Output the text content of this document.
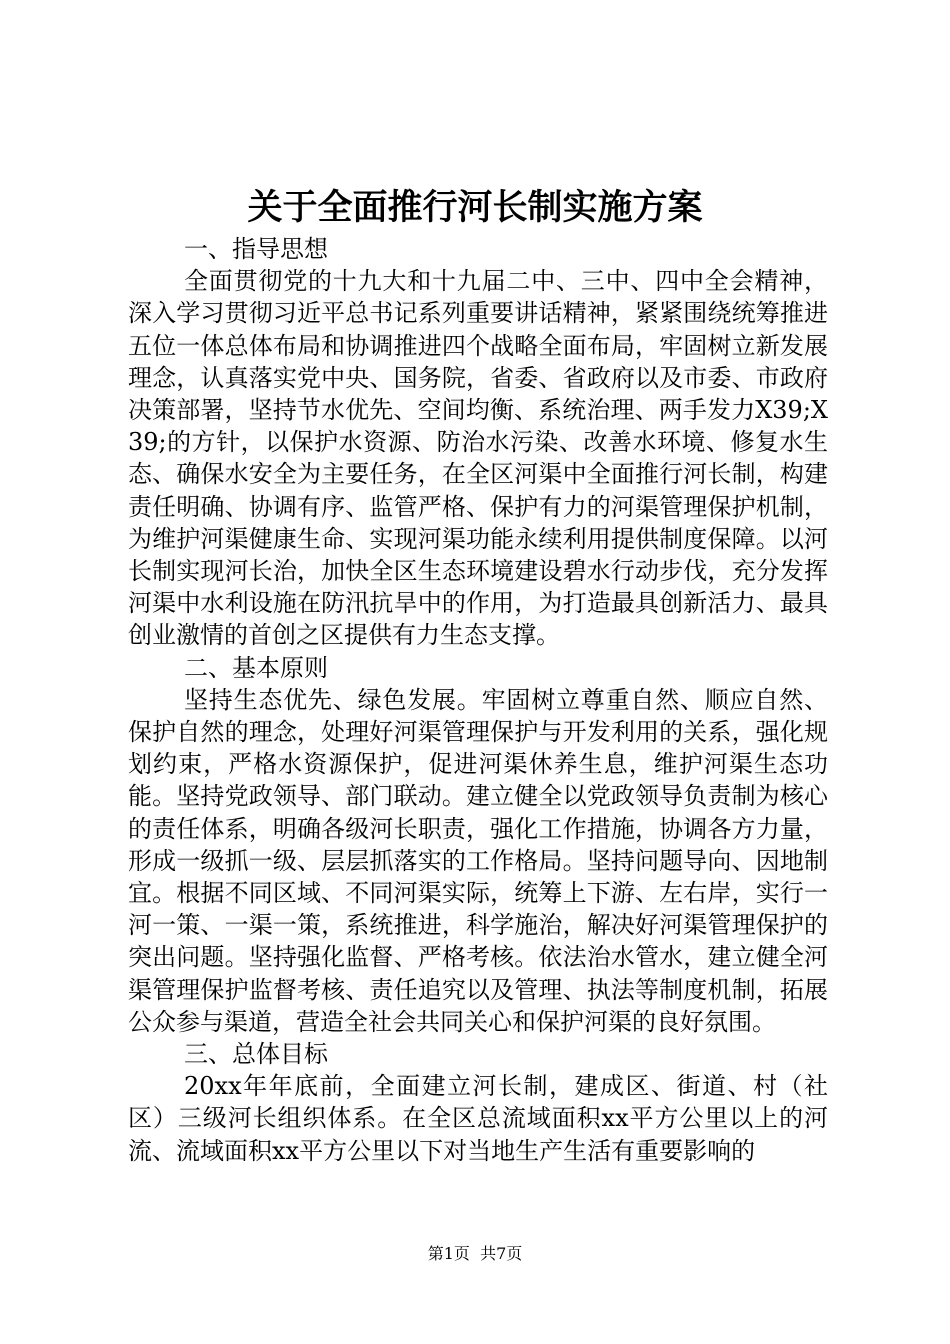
关于全面推行河长制实施方案

一、指导思想

全面贯彻党的十九大和十九届二中、三中、四中全会精神，深入学习贯彻习近平总书记系列重要讲话精神，紧紧围绕统筹推进五位一体总体布局和协调推进四个战略全面布局，牢固树立新发展理念，认真落实党中央、国务院，省委、省政府以及市委、市政府决策部署，坚持节水优先、空间均衡、系统治理、两手发力X39;X39;的方针，以保护水资源、防治水污染、改善水环境、修复水生态、确保水安全为主要任务，在全区河渠中全面推行河长制，构建责任明确、协调有序、监管严格、保护有力的河渠管理保护机制，为维护河渠健康生命、实现河渠功能永续利用提供制度保障。以河长制实现河长治，加快全区生态环境建设碧水行动步伐，充分发挥河渠中水利设施在防汛抗旱中的作用，为打造最具创新活力、最具创业激情的首创之区提供有力生态支撑。

二、基本原则

坚持生态优先、绿色发展。牢固树立尊重自然、顺应自然、保护自然的理念，处理好河渠管理保护与开发利用的关系，强化规划约束，严格水资源保护，促进河渠休养生息，维护河渠生态功能。坚持党政领导、部门联动。建立健全以党政领导负责制为核心的责任体系，明确各级河长职责，强化工作措施，协调各方力量，形成一级抓一级、层层抓落实的工作格局。坚持问题导向、因地制宜。根据不同区域、不同河渠实际，统筹上下游、左右岸，实行一河一策、一渠一策，系统推进，科学施治，解决好河渠管理保护的突出问题。坚持强化监督、严格考核。依法治水管水，建立健全河渠管理保护监督考核、责任追究以及管理、执法等制度机制，拓展公众参与渠道，营造全社会共同关心和保护河渠的良好氛围。

三、总体目标

20xx年年底前，全面建立河长制，建成区、街道、村（社区）三级河长组织体系。在全区总流域面积xx平方公里以上的河流、流域面积xx平方公里以下对当地生产生活有重要影响的

第1页 共7页
